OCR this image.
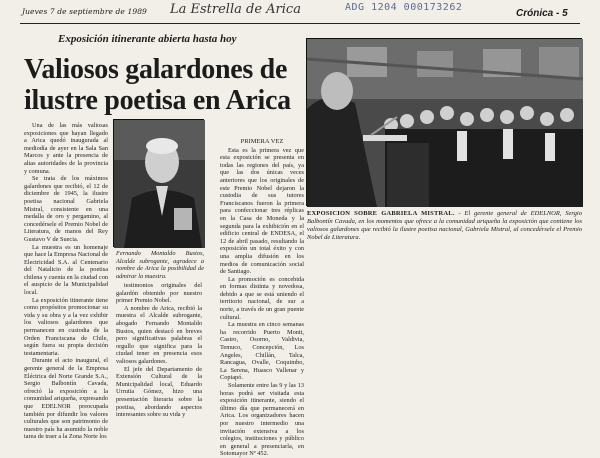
Jueves 7 de septiembre de 1989 La Estrella de Arica	ADG 1204 000173262
Crónica - 5
Exposición itinerante abierta hasta hoy
Valiosos galardones de ilustre poetisa en Arica

Una de las más valiosas exposiciones que hayan llegado a Arica quedó inaugurada al mediodía de ayer en la Sala San Marcos y ante la presencia de altas autoridades de la provincia y comuna.

Se trata de los máximos galardones que recibió, el 12 de diciembre de 1945, la ilustre poetisa nacional Gabriela Mistral, consistente en una medalla de oro y pergamino, al concedérsele el Premio Nobel de Literatura, de manos del Rey Gustavo V de Suecia.

La muestra es un homenaje que hace la Empresa Nacional de Electricidad S.A. al Centenario del Natalicio de la poetisa chilena y cuenta en la ciudad con el auspicio de la Municipalidad local.

La exposición itinerante tiene como propósitos promocionar su vida y su obra y a la vez exhibir los valiosos galardones que permanecen en custodia de la Orden Franciscana de Chile, según fuera su propia decisión testamentaria.

Durante el acto inaugural, el gerente general de la Empresa Eléctrica del Norte Grande S.A., Sergio Balbontín Cavada, ofreció la exposición a la comunidad ariqueña, expresando que EDELNOR preocupada también por difundir los valores culturales que son patrimonio de nuestro país ha asumido la noble tarea de traer a la Zona Norte los

Fernando Montaldo Bustos, Alcalde subrogante, agradece a nombre de Arica la posibilidad de admirar la muestra.

testimonios originales del galardón obtenido por nuestro primer Premio Nobel.

A nombre de Arica, recibió la muestra el Alcalde subrogante, abogado Fernando Montaldo Bustos, quien destacó en breves pero significativas palabras el orgullo que significa para la ciudad tener en presencia esos valiosos galardones.

El jefe del Departamento de Extensión Cultural de la Municipalidad local, Eduardo Urrutia Gómez, hizo una presentación literaria sobre la poetisa, abordando aspectos interesantes sobre su vida y

PRIMERA VEZ

Esta es la primera vez que esta exposición se presenta en todas las regiones del país, ya que las dos únicas veces anteriores que los originales de este Premio Nobel dejaron la custodia de sus tutores Franciscanos fueron la primera para confeccionar tres réplicas en la Casa de Moneda y la segunda para la exhibición en el edificio central de ENDESA, el 12 de abril pasado, resultando la exposición un total éxito y con una amplia difusión en los medios de comunicación social de Santiago.

La promoción es concebida en formas distinta y novedosa, debido a que se está uniendo el territorio nacional, de sur a norte, a través de un gran puente cultural.

La muestra en cinco semanas ha recorrido Puerto Montt, Castro, Osorno, Valdivia, Temuco, Concepción, Los Angeles, Chillán, Talca, Rancagua, Ovalle, Coquimbo, La Serena, Huasco Vallenar y Copiapó.

Solamente entre las 9 y las 13 horas podrá ser visitada esta exposición itinerante, siendo el último día que permanecerá en Arica. Los organizadores hacen por nuestro intermedio una invitación extensiva a los colegios, instituciones y público en general a presenciarla, en Sotomayor Nº 452.

EXPOSICION SOBRE GABRIELA MISTRAL. - El gerente general de EDELNOR, Sergio Balbontín Cavada, en los momentos que ofrece a la comunidad ariqueña la exposición que contiene los valiosos galardones que recibió la ilustre poetisa nacional, Gabriela Mistral, al concedérsele el Premio Nobel de Literatura.
